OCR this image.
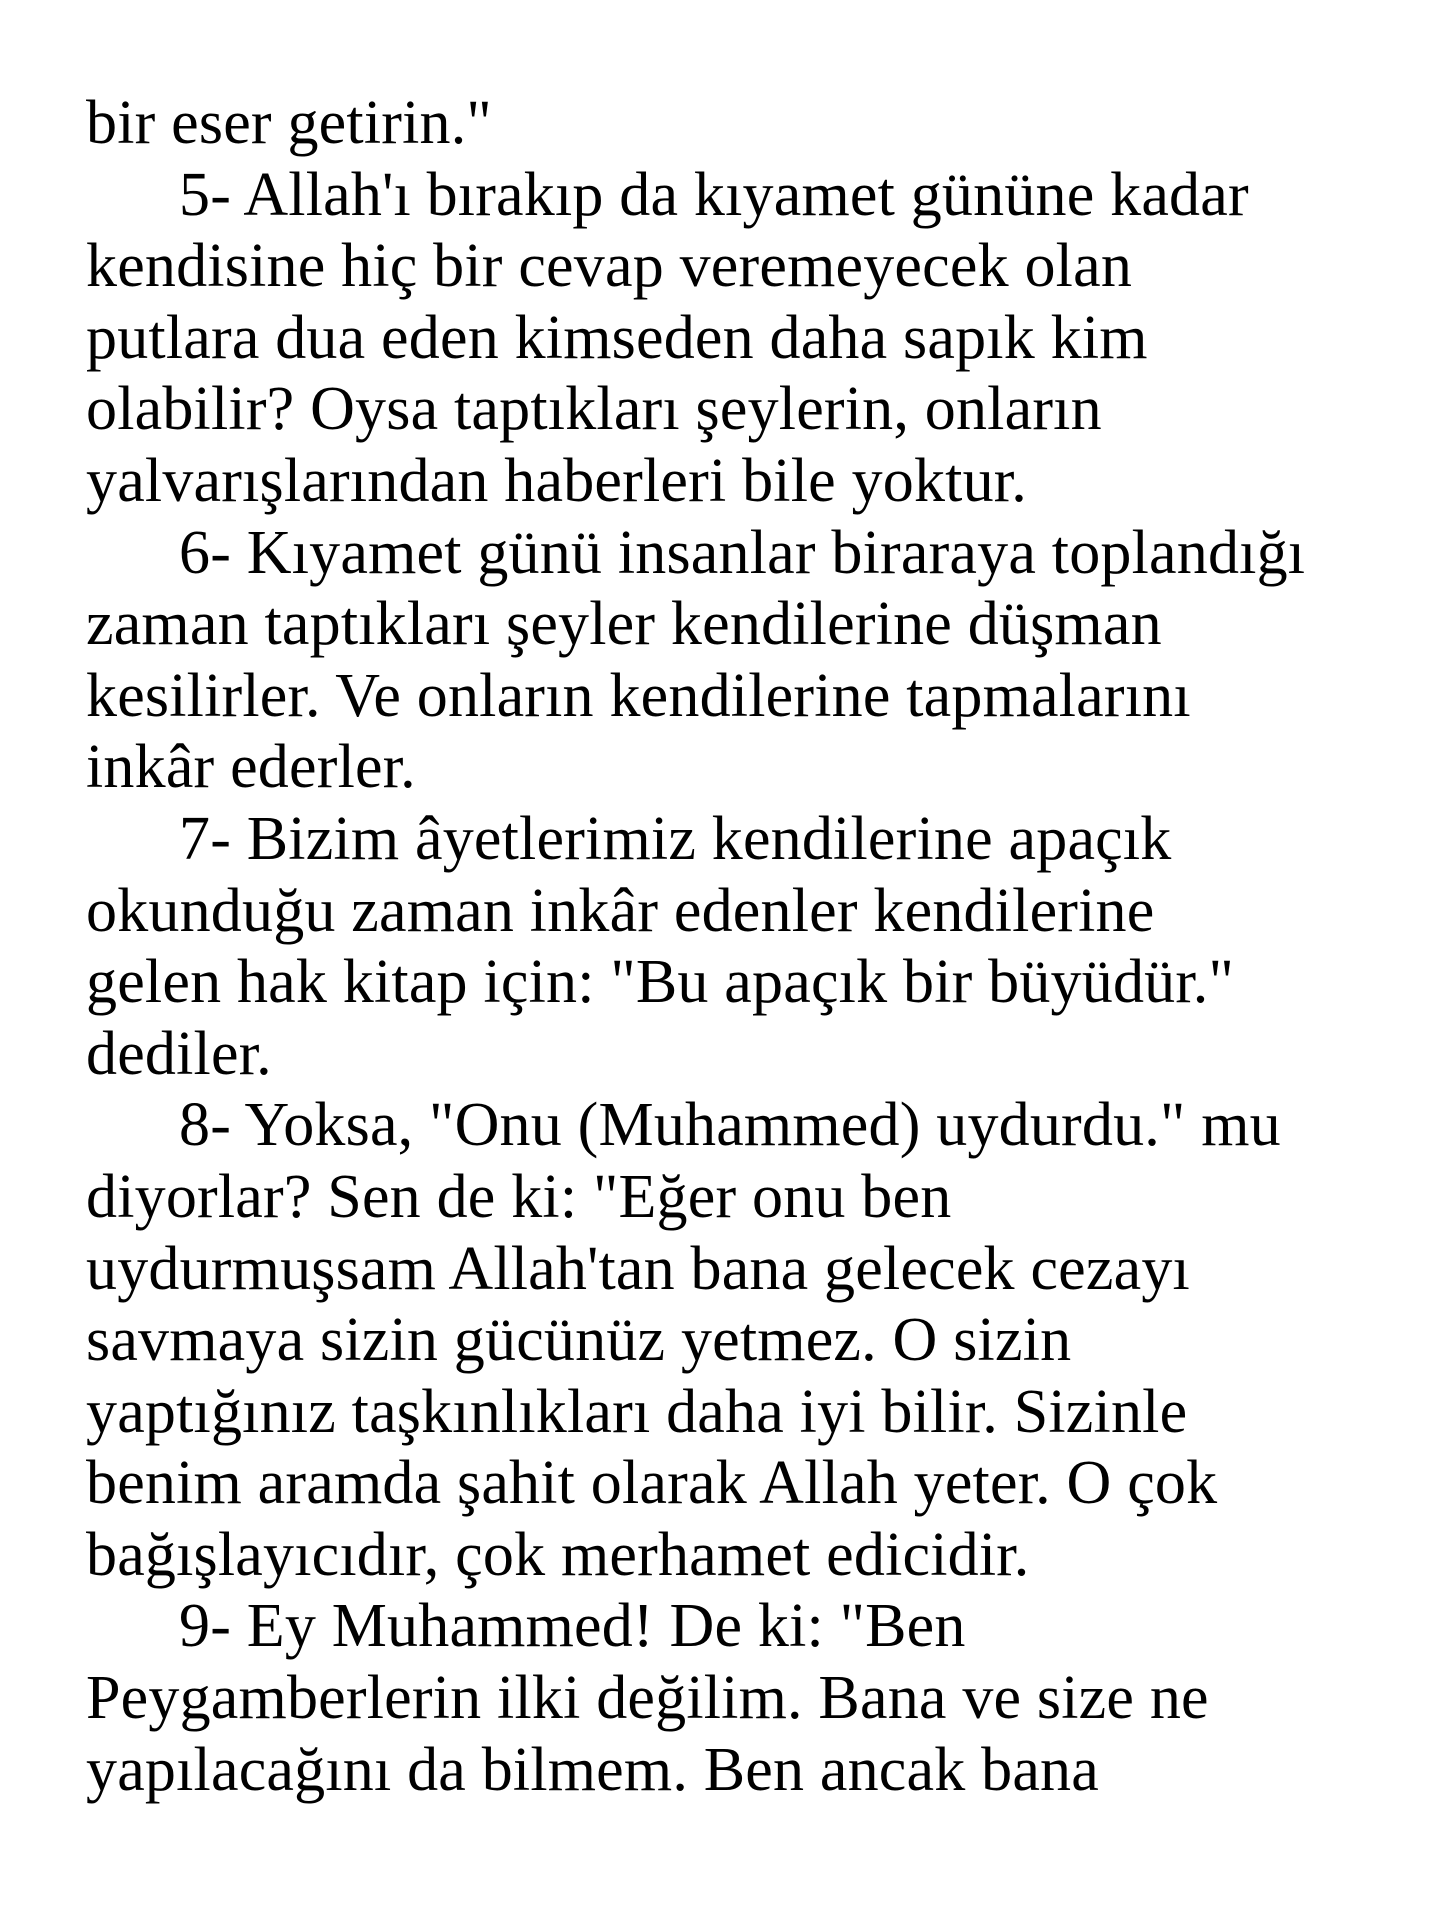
bir eser getirin."
5- Allah'ı bırakıp da kıyamet gününe kadar
kendisine hiç bir cevap veremeyecek olan
putlara dua eden kimseden daha sapık kim
olabilir? Oysa taptıkları şeylerin, onların
yalvarışlarından haberleri bile yoktur.
6- Kıyamet günü insanlar biraraya toplandığı
zaman taptıkları şeyler kendilerine düşman
kesilirler. Ve onların kendilerine tapmalarını
inkâr ederler.
7- Bizim âyetlerimiz kendilerine apaçık
okunduğu zaman inkâr edenler kendilerine
gelen hak kitap için: "Bu apaçık bir büyüdür."
dediler.
8- Yoksa, "Onu (Muhammed) uydurdu." mu
diyorlar? Sen de ki: "Eğer onu ben
uydurmuşsam Allah'tan bana gelecek cezayı
savmaya sizin gücünüz yetmez. O sizin
yaptığınız taşkınlıkları daha iyi bilir. Sizinle
benim aramda şahit olarak Allah yeter. O çok
bağışlayıcıdır, çok merhamet edicidir.
9- Ey Muhammed! De ki: "Ben
Peygamberlerin ilki değilim. Bana ve size ne
yapılacağını da bilmem. Ben ancak bana
